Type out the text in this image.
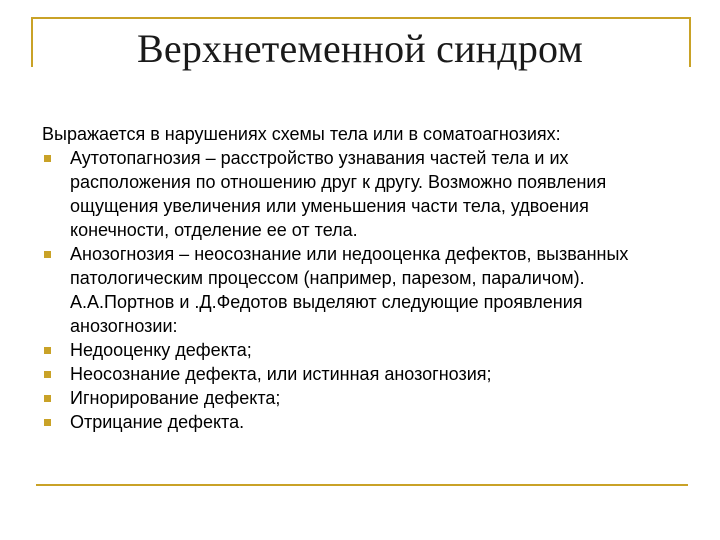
Верхнетеменной синдром

Выражается в нарушениях схемы тела или в соматоагнозиях:

Аутотопагнозия – расстройство узнавания частей тела и их расположения по отношению друг к другу. Возможно появления ощущения увеличения или уменьшения части тела, удвоения конечности, отделение ее от тела.
Анозогнозия – неосознание или недооценка дефектов, вызванных патологическим процессом (например, парезом, параличом). А.А.Портнов и .Д.Федотов выделяют следующие проявления анозогнозии:
Недооценку дефекта;
Неосознание дефекта, или истинная анозогнозия;
Игнорирование дефекта;
Отрицание дефекта.
